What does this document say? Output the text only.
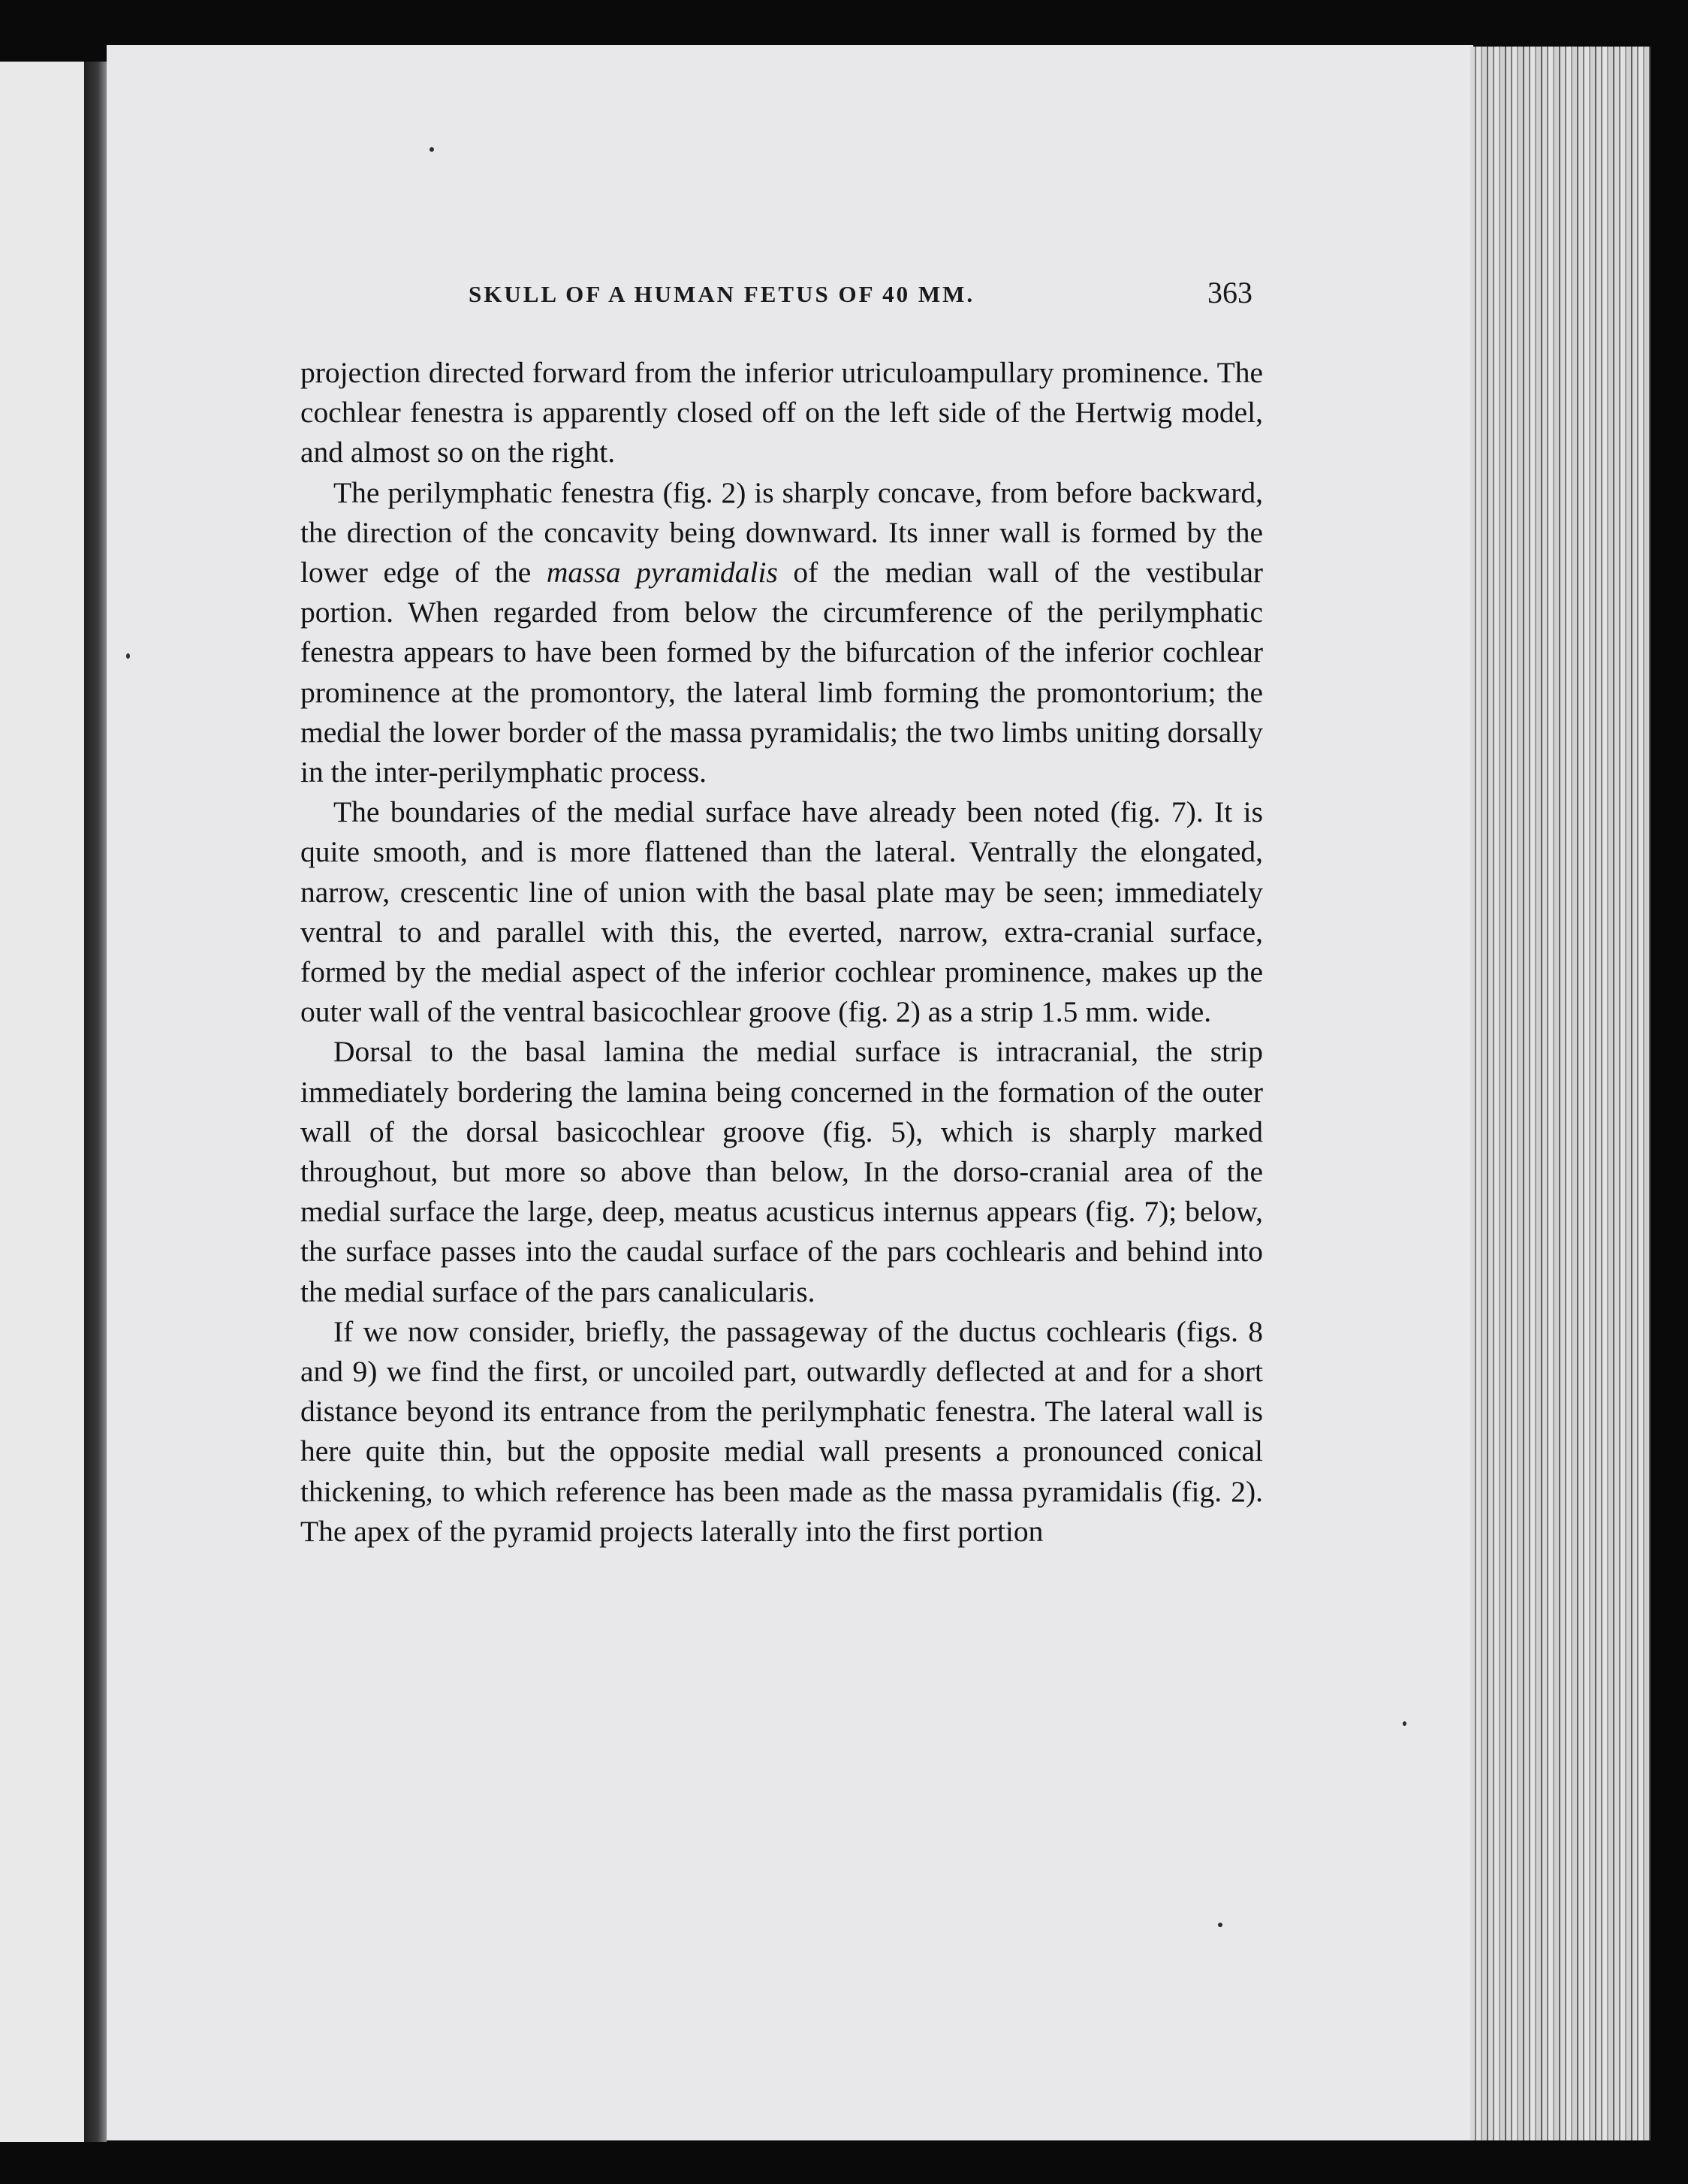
SKULL OF A HUMAN FETUS OF 40 MM.	363

projection directed forward from the inferior utriculoampullary prominence. The cochlear fenestra is apparently closed off on the left side of the Hertwig model, and almost so on the right.

The perilymphatic fenestra (fig. 2) is sharply concave, from before backward, the direction of the concavity being downward. Its inner wall is formed by the lower edge of the massa pyramidalis of the median wall of the vestibular portion. When regarded from below the circumference of the perilymphatic fenestra appears to have been formed by the bifurcation of the inferior cochlear prominence at the promontory, the lateral limb forming the promontorium; the medial the lower border of the massa pyramidalis; the two limbs uniting dorsally in the inter-perilymphatic process.

The boundaries of the medial surface have already been noted (fig. 7). It is quite smooth, and is more flattened than the lateral. Ventrally the elongated, narrow, crescentic line of union with the basal plate may be seen; immediately ventral to and parallel with this, the everted, narrow, extra-cranial surface, formed by the medial aspect of the inferior cochlear prominence, makes up the outer wall of the ventral basicochlear groove (fig. 2) as a strip 1.5 mm. wide.

Dorsal to the basal lamina the medial surface is intracranial, the strip immediately bordering the lamina being concerned in the formation of the outer wall of the dorsal basicochlear groove (fig. 5), which is sharply marked throughout, but more so above than below, In the dorso-cranial area of the medial surface the large, deep, meatus acusticus internus appears (fig. 7); below, the surface passes into the caudal surface of the pars cochlearis and behind into the medial surface of the pars canalicularis.

If we now consider, briefly, the passageway of the ductus cochlearis (figs. 8 and 9) we find the first, or uncoiled part, outwardly deflected at and for a short distance beyond its entrance from the perilymphatic fenestra. The lateral wall is here quite thin, but the opposite medial wall presents a pronounced conical thickening, to which reference has been made as the massa pyramidalis (fig. 2). The apex of the pyramid projects laterally into the first portion
